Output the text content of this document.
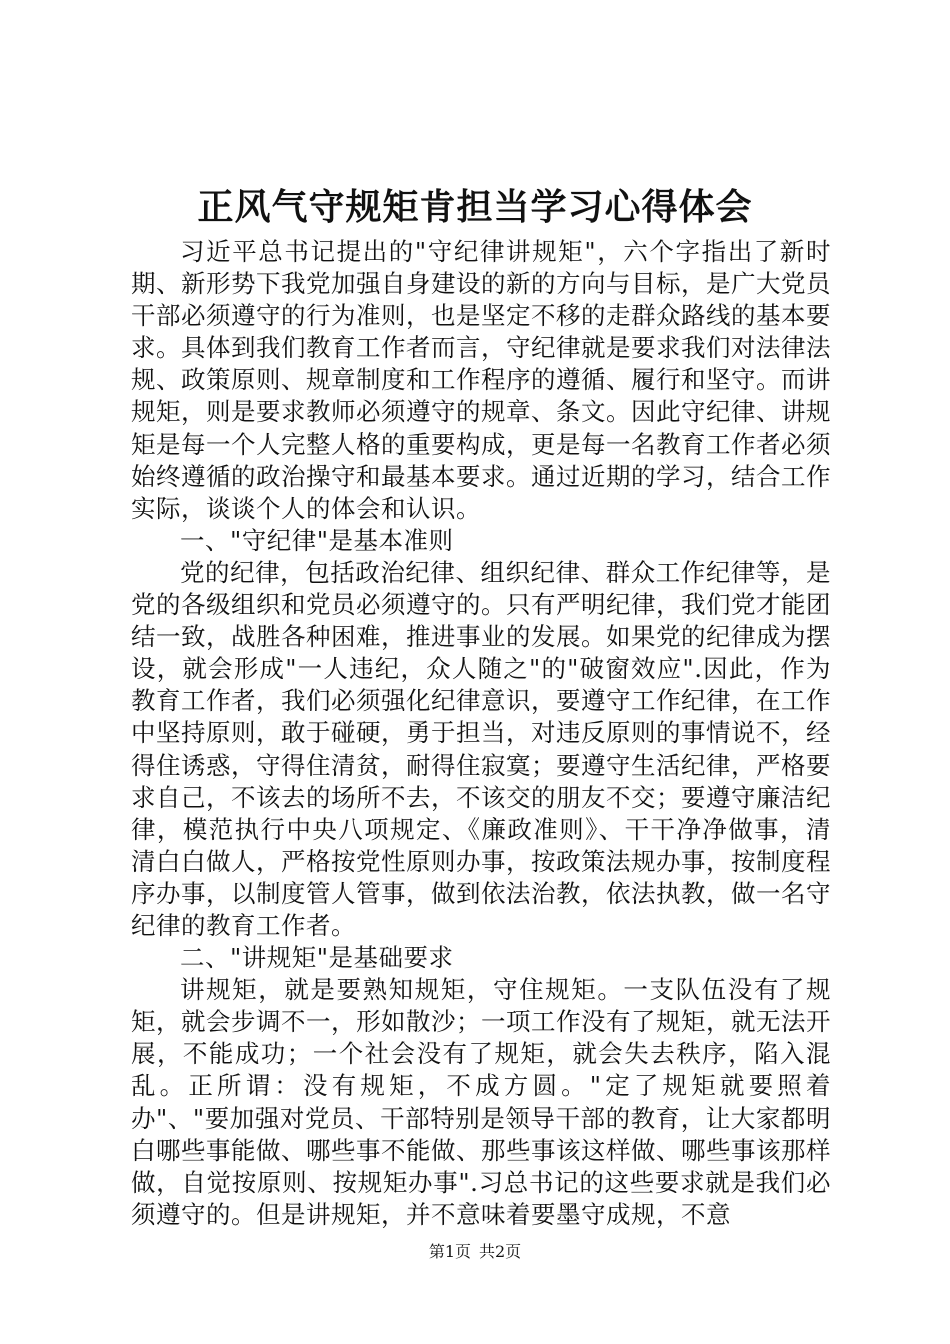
正风气守规矩肯担当学习心得体会

习近平总书记提出的"守纪律讲规矩"，六个字指出了新时期、新形势下我党加强自身建设的新的方向与目标，是广大党员干部必须遵守的行为准则，也是坚定不移的走群众路线的基本要求。具体到我们教育工作者而言，守纪律就是要求我们对法律法规、政策原则、规章制度和工作程序的遵循、履行和坚守。而讲规矩，则是要求教师必须遵守的规章、条文。因此守纪律、讲规矩是每一个人完整人格的重要构成，更是每一名教育工作者必须始终遵循的政治操守和最基本要求。通过近期的学习，结合工作实际，谈谈个人的体会和认识。

一、"守纪律"是基本准则

党的纪律，包括政治纪律、组织纪律、群众工作纪律等，是党的各级组织和党员必须遵守的。只有严明纪律，我们党才能团结一致，战胜各种困难，推进事业的发展。如果党的纪律成为摆设，就会形成"一人违纪，众人随之"的"破窗效应".因此，作为教育工作者，我们必须强化纪律意识，要遵守工作纪律，在工作中坚持原则，敢于碰硬，勇于担当，对违反原则的事情说不，经得住诱惑，守得住清贫，耐得住寂寞；要遵守生活纪律，严格要求自己，不该去的场所不去，不该交的朋友不交；要遵守廉洁纪律，模范执行中央八项规定、《廉政准则》、干干净净做事，清清白白做人，严格按党性原则办事，按政策法规办事，按制度程序办事，以制度管人管事，做到依法治教，依法执教，做一名守纪律的教育工作者。

二、"讲规矩"是基础要求

讲规矩，就是要熟知规矩，守住规矩。一支队伍没有了规矩，就会步调不一，形如散沙；一项工作没有了规矩，就无法开展，不能成功；一个社会没有了规矩，就会失去秩序，陷入混乱。正所谓：没有规矩，不成方圆。"定了规矩就要照着办"、"要加强对党员、干部特别是领导干部的教育，让大家都明白哪些事能做、哪些事不能做、那些事该这样做、哪些事该那样做，自觉按原则、按规矩办事".习总书记的这些要求就是我们必须遵守的。但是讲规矩，并不意味着要墨守成规，不意

第1页 共2页
